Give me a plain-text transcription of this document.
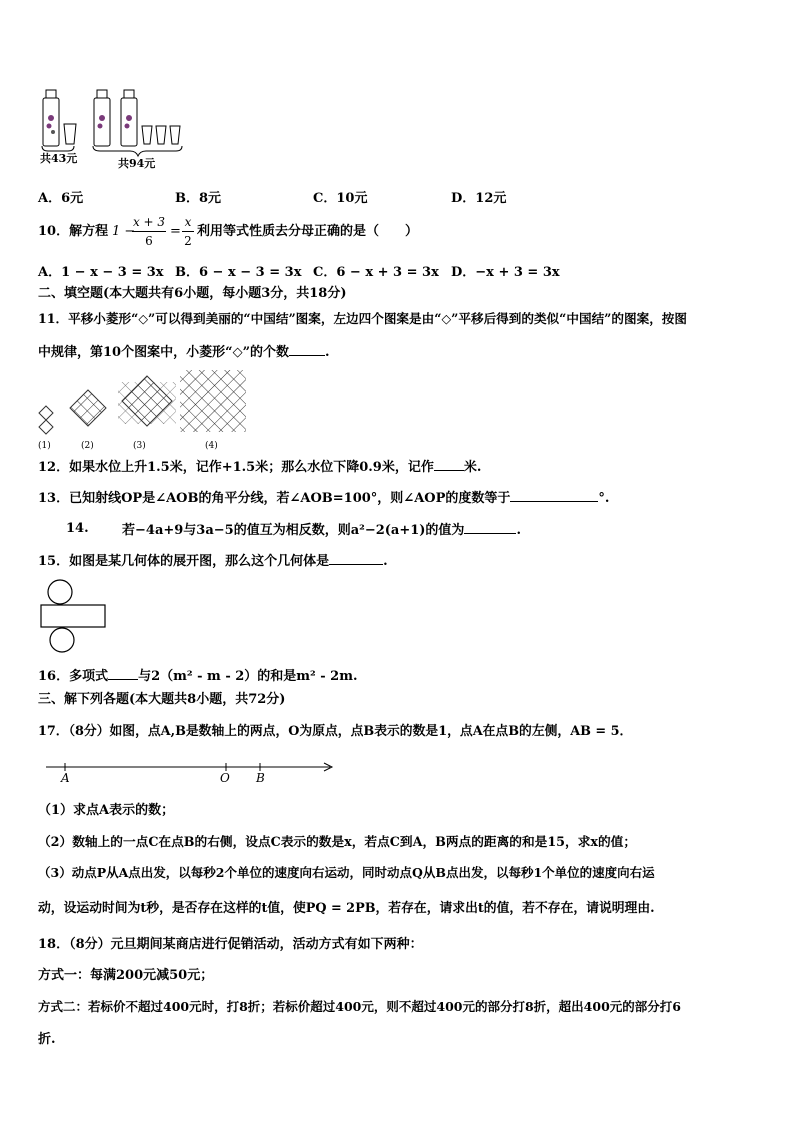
共43元	共94元
A．6元	B．8元	C．10元	D．12元
10．解方程 1 −
x + 3
6
=
x
2
利用等式性质去分母正确的是（　　）
A．1 − x − 3 = 3x B．6 − x − 3 = 3x C．6 − x + 3 = 3x D．−x + 3 = 3x
二、填空题(本大题共有6小题，每小题3分，共18分)
11．平移小菱形“◇”可以得到美丽的“中国结”图案，左边四个图案是由“◇”平移后得到的类似“中国结”的图案，按图
中规律，第10个图案中，小菱形“◇”的个数	.
(1)	(2)	(3)	(4)
12．如果水位上升1.5米，记作+1.5米；那么水位下降0.9米，记作 米.
13．已知射线OP是∠AOB的角平分线，若∠AOB=100°，则∠AOP的度数等于	°.
14.	若−4a+9与3a−5的值互为相反数，则a²−2(a+1)的值为	.
15．如图是某几何体的展开图，那么这个几何体是	.
16．多项式 与2（m² - m - 2）的和是m² - 2m.
三、解下列各题(本大题共8小题，共72分)
17．（8分）如图，点A,B是数轴上的两点，O为原点，点B表示的数是1，点A在点B的左侧，AB = 5．
A	O B
（1）求点A表示的数；
（2）数轴上的一点C在点B的右侧，设点C表示的数是x，若点C到A，B两点的距离的和是15，求x的值；
（3）动点P从A点出发，以每秒2个单位的速度向右运动，同时动点Q从B点出发，以每秒1个单位的速度向右运
动，设运动时间为t秒，是否存在这样的t值，使PQ = 2PB，若存在，请求出t的值，若不存在，请说明理由.
18．（8分）元旦期间某商店进行促销活动，活动方式有如下两种：
方式一：每满200元减50元；
方式二：若标价不超过400元时，打8折；若标价超过400元，则不超过400元的部分打8折，超出400元的部分打6
折.
